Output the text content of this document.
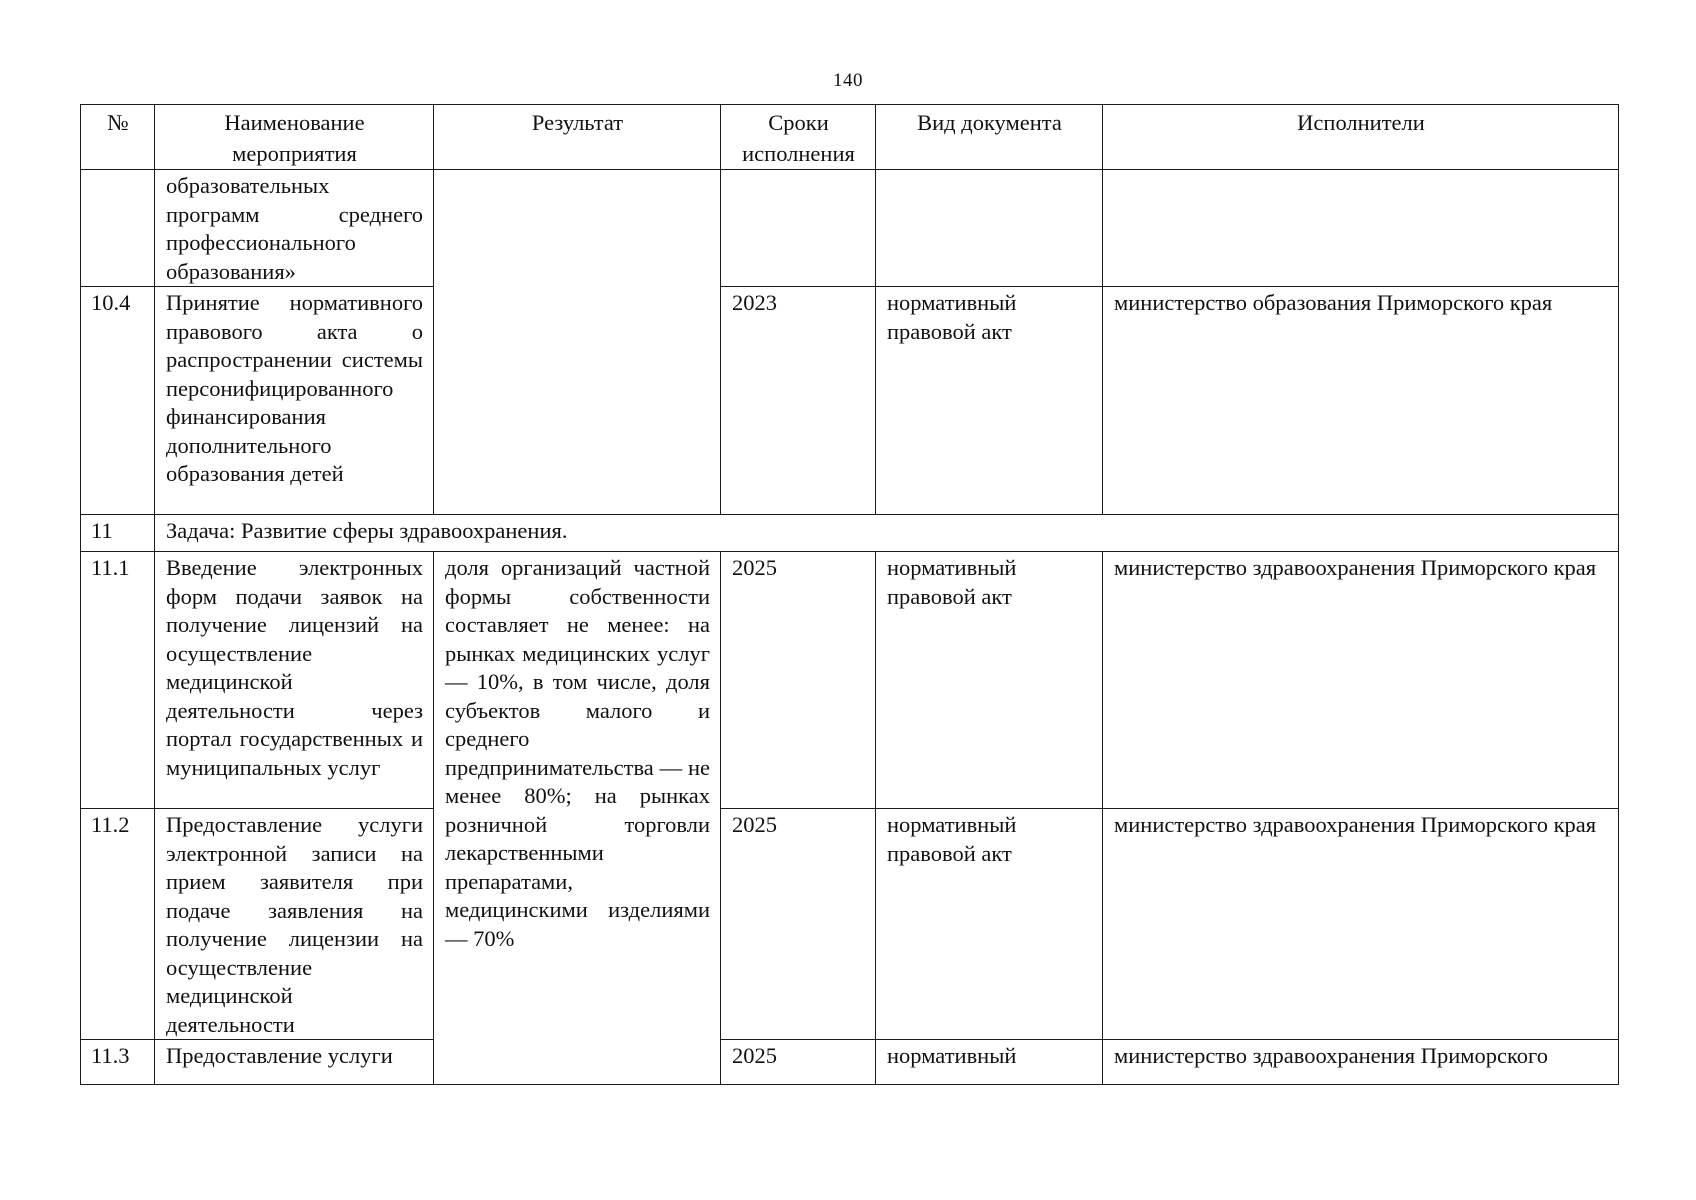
140
№	Наименование мероприятия	Результат	Сроки исполнения	Вид документа	Исполнители
	образовательных программ среднего профессионального образования»				
10.4	Принятие нормативного правового акта о распространении системы персонифицированного финансирования дополнительного образования детей		2023	нормативный правовой акт	министерство образования Приморского края
11	Задача: Развитие сферы здравоохранения.				
11.1	Введение электронных форм подачи заявок на получение лицензий на осуществление медицинской деятельности через портал государственных и муниципальных услуг	доля организаций частной формы собственности составляет не менее: на рынках медицинских услуг — 10%, в том числе, доля субъектов малого и среднего предпринимательства — не менее 80%; на рынках розничной торговли лекарственными препаратами, медицинскими изделиями — 70%	2025	нормативный правовой акт	министерство здравоохранения Приморского края
11.2	Предоставление услуги электронной записи на прием заявителя при подаче заявления на получение лицензии на осуществление медицинской деятельности		2025	нормативный правовой акт	министерство здравоохранения Приморского края
11.3	Предоставление услуги		2025	нормативный	министерство здравоохранения Приморского
